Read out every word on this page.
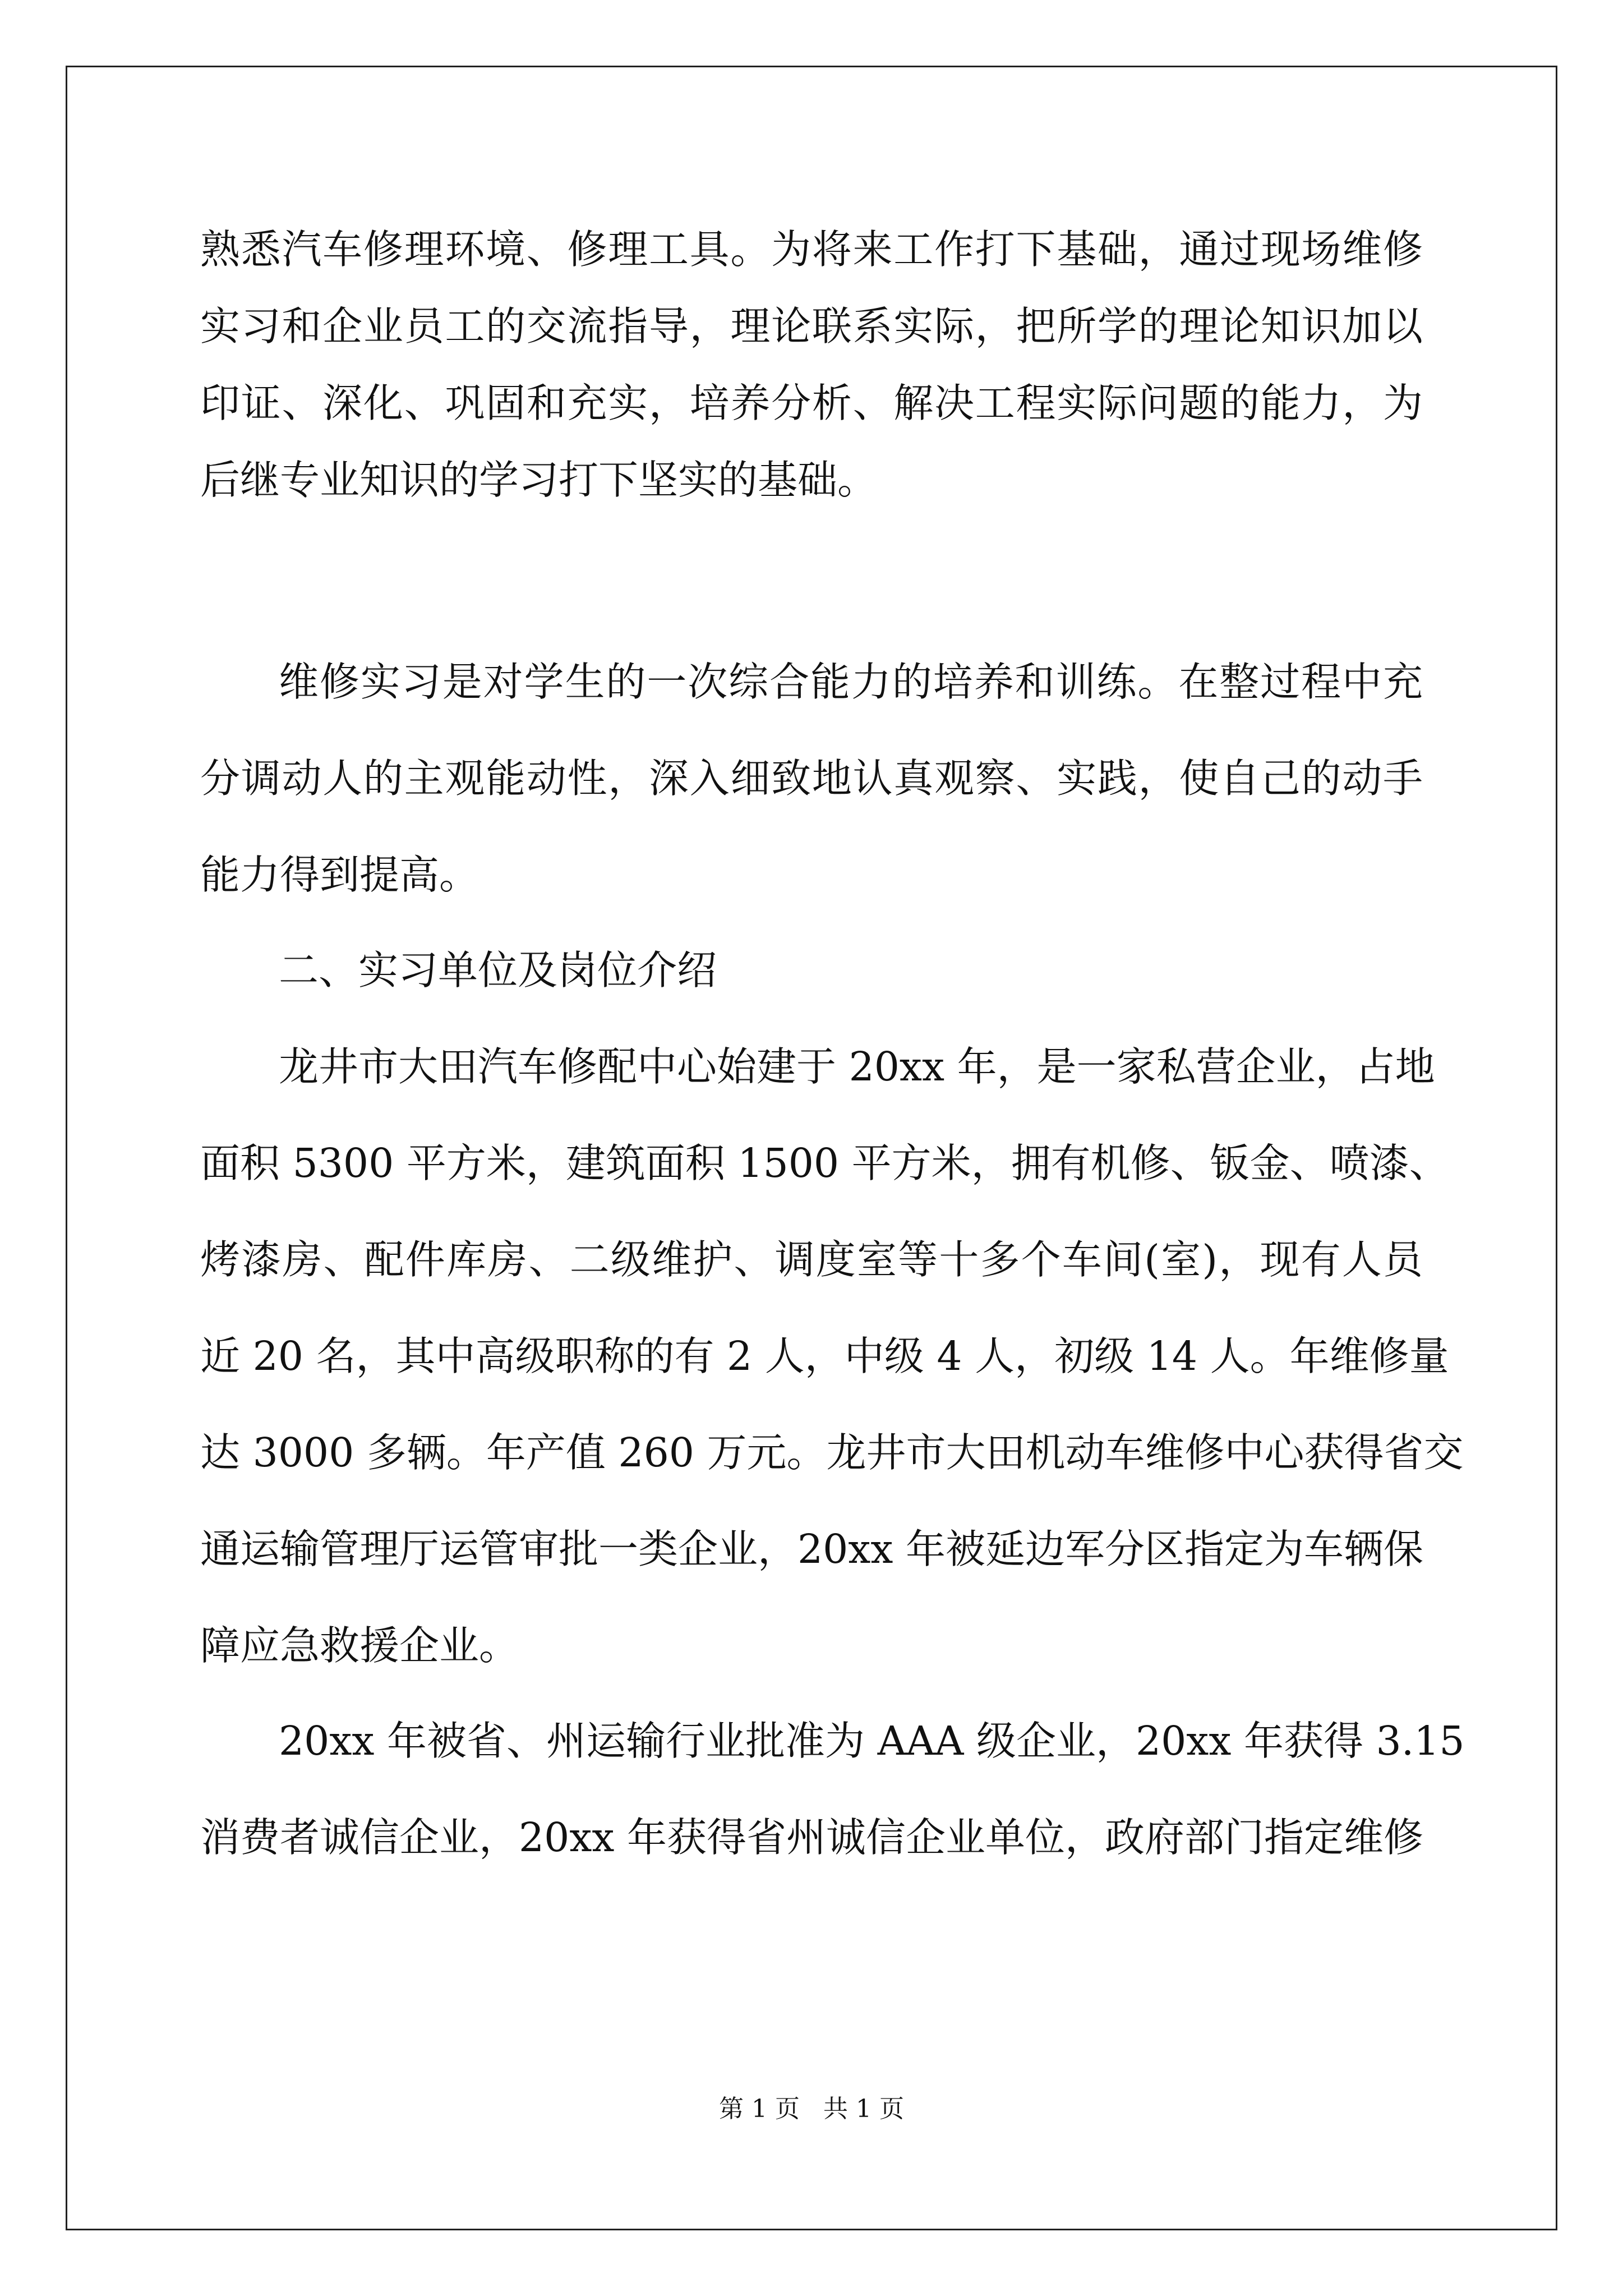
熟悉汽车修理环境、修理工具。为将来工作打下基础，通过现场维修
实习和企业员工的交流指导，理论联系实际，把所学的理论知识加以
印证、深化、巩固和充实，培养分析、解决工程实际问题的能力，为
后继专业知识的学习打下坚实的基础。
维修实习是对学生的一次综合能力的培养和训练。在整过程中充
分调动人的主观能动性，深入细致地认真观察、实践，使自己的动手
能力得到提高。
二、实习单位及岗位介绍
龙井市大田汽车修配中心始建于 20xx 年，是一家私营企业，占地
面积 5300 平方米，建筑面积 1500 平方米，拥有机修、钣金、喷漆、
烤漆房、配件库房、二级维护、调度室等十多个车间(室)，现有人员
近 20 名，其中高级职称的有 2 人，中级 4 人，初级 14 人。年维修量
达 3000 多辆。年产值 260 万元。龙井市大田机动车维修中心获得省交
通运输管理厅运管审批一类企业，20xx 年被延边军分区指定为车辆保
障应急救援企业。
20xx 年被省、州运输行业批准为 AAA 级企业，20xx 年获得 3.15
消费者诚信企业，20xx 年获得省州诚信企业单位，政府部门指定维修
第 1 页 共 1 页
